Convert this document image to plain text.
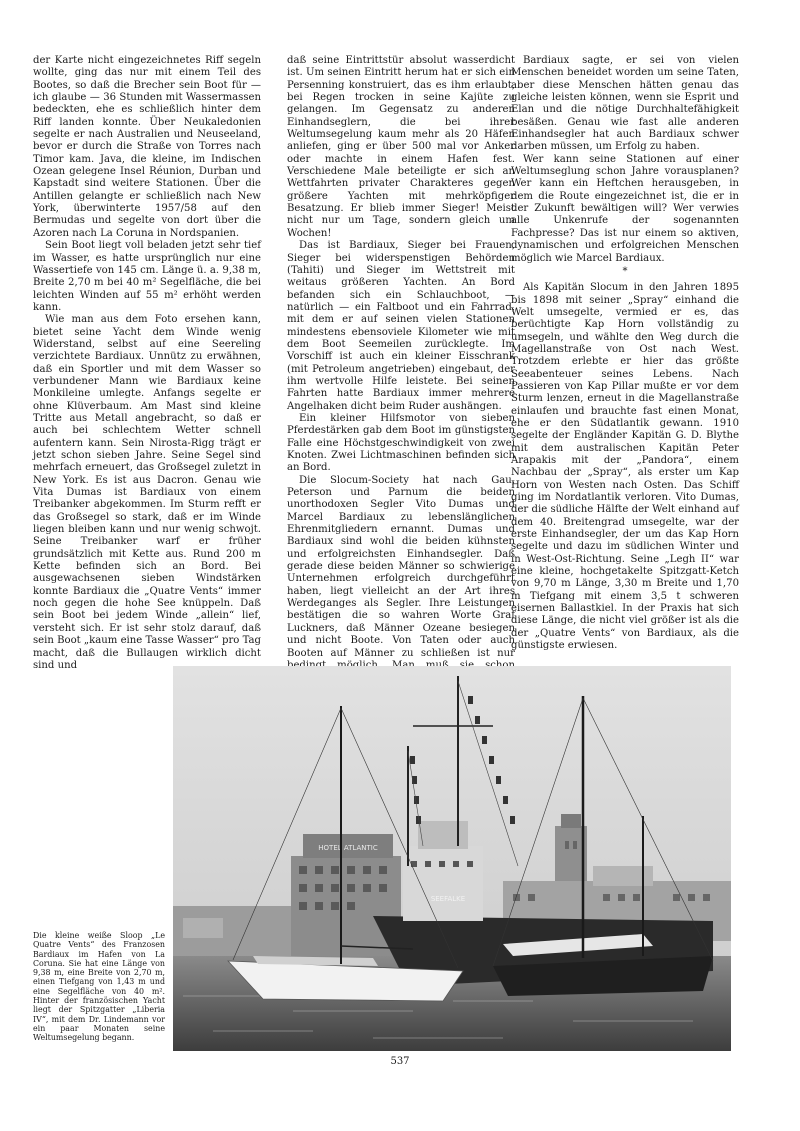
der Karte nicht eingezeichnetes Riff segeln wollte, ging das nur mit einem Teil des Bootes, so daß die Brecher sein Boot für — ich glaube — 36 Stunden mit Wassermassen bedeckten, ehe es schließlich hinter dem Riff landen konnte. Über Neukaledonien segelte er nach Australien und Neuseeland, bevor er durch die Straße von Torres nach Timor kam. Java, die kleine, im Indischen Ozean gelegene Insel Réunion, Durban und Kapstadt sind weitere Stationen. Über die Antillen gelangte er schließlich nach New York, überwinterte 1957/58 auf den Bermudas und segelte von dort über die Azoren nach La Coruna in Nordspanien.

Sein Boot liegt voll beladen jetzt sehr tief im Wasser, es hatte ursprünglich nur eine Wassertiefe von 145 cm. Länge ü. a. 9,38 m, Breite 2,70 m bei 40 m² Segelfläche, die bei leichten Winden auf 55 m² erhöht werden kann.

Wie man aus dem Foto ersehen kann, bietet seine Yacht dem Winde wenig Widerstand, selbst auf eine Seereling verzichtete Bardiaux. Unnütz zu erwähnen, daß ein Sportler und mit dem Wasser so verbundener Mann wie Bardiaux keine Monkileine umlegte. Anfangs segelte er ohne Klüverbaum. Am Mast sind kleine Tritte aus Metall angebracht, so daß er auch bei schlechtem Wetter schnell aufentern kann. Sein Nirosta-Rigg trägt er jetzt schon sieben Jahre. Seine Segel sind mehrfach erneuert, das Großsegel zuletzt in New York. Es ist aus Dacron. Genau wie Vita Dumas ist Bardiaux von einem Treibanker abgekommen. Im Sturm refft er das Großsegel so stark, daß er im Winde liegen bleiben kann und nur wenig schwojt. Seine Treibanker warf er früher grundsätzlich mit Kette aus. Rund 200 m Kette befinden sich an Bord. Bei ausgewachsenen sieben Windstärken konnte Bardiaux die „Quatre Vents“ immer noch gegen die hohe See knüppeln. Daß sein Boot bei jedem Winde „allein“ lief, versteht sich. Er ist sehr stolz darauf, daß sein Boot „kaum eine Tasse Wasser“ pro Tag macht, daß die Bullaugen wirklich dicht sind und

daß seine Eintrittstür absolut wasserdicht ist. Um seinen Eintritt herum hat er sich ein Persenning konstruiert, das es ihm erlaubt, bei Regen trocken in seine Kajüte zu gelangen. Im Gegensatz zu anderen Einhandseglern, die bei ihrer Weltumsegelung kaum mehr als 20 Häfen anliefen, ging er über 500 mal vor Anker oder machte in einem Hafen fest. Verschiedene Male beteiligte er sich an Wettfahrten privater Charakteres gegen größere Yachten mit mehrköpfiger Besatzung. Er blieb immer Sieger! Meist nicht nur um Tage, sondern gleich um Wochen!

Das ist Bardiaux, Sieger bei Frauen, Sieger bei widerspenstigen Behörden (Tahiti) und Sieger im Wettstreit mit weitaus größeren Yachten. An Bord befanden sich ein Schlauchboot, — natürlich — ein Faltboot und ein Fahrrad, mit dem er auf seinen vielen Stationen mindestens ebensoviele Kilometer wie mit dem Boot Seemeilen zurücklegte. Im Vorschiff ist auch ein kleiner Eisschrank (mit Petroleum angetrieben) eingebaut, der ihm wertvolle Hilfe leistete. Bei seinen Fahrten hatte Bardiaux immer mehrere Angelhaken dicht beim Ruder aushängen.

Ein kleiner Hilfsmotor von sieben Pferdestärken gab dem Boot im günstigsten Falle eine Höchstgeschwindigkeit von zwei Knoten. Zwei Lichtmaschinen befinden sich an Bord.

Die Slocum-Society hat nach Gau, Peterson und Parnum die beiden unorthodoxen Segler Vito Dumas und Marcel Bardiaux zu lebenslänglichen Ehrenmitgliedern ernannt. Dumas und Bardiaux sind wohl die beiden kühnsten und erfolgreichsten Einhandsegler. Daß gerade diese beiden Männer so schwierige Unternehmen erfolgreich durchgeführt haben, liegt vielleicht an der Art ihres Werdeganges als Segler. Ihre Leistungen bestätigen die so wahren Worte Graf Luckners, daß Männer Ozeane besiegen und nicht Boote. Von Taten oder auch Booten auf Männer zu schließen ist nur

Bardiaux sagte, er sei von vielen Menschen beneidet worden um seine Taten, aber diese Menschen hätten genau das gleiche leisten können, wenn sie Esprit und Elan und die nötige Durchhaltefähigkeit besäßen. Genau wie fast alle anderen Einhandsegler hat auch Bardiaux schwer darben müssen, um Erfolg zu haben.

Wer kann seine Stationen auf einer Weltumseglung schon Jahre vorausplanen? Wer kann ein Heftchen herausgeben, in dem die Route eingezeichnet ist, die er in der Zukunft bewältigen will? Wer verwies alle Unkenrufe der sogenannten Fachpresse? Das ist nur einem so aktiven, dynamischen und erfolgreichen Menschen möglich wie Marcel Bardiaux.

*

Als Kapitän Slocum in den Jahren 1895 bis 1898 mit seiner „Spray“ einhand die Welt umsegelte, vermied er es, das berüchtigte Kap Horn vollständig zu umsegeln, und wählte den Weg durch die Magellanstraße von Ost nach West. Trotzdem erlebte er hier das größte Seeabenteuer seines Lebens. Nach Passieren von Kap Pillar mußte er vor dem Sturm lenzen, erneut in die Magellanstraße einlaufen und brauchte fast einen Monat, ehe er den Südatlantik gewann. 1910 segelte der Engländer Kapitän G. D. Blythe mit dem australischen Kapitän Peter Arapakis mit der „Pandora“, einem Nachbau der „Spray“, als erster um Kap Horn von Westen nach Osten. Das Schiff ging im Nordatlantik verloren. Vito Dumas, der die südliche Hälfte der Welt einhand auf dem 40. Breitengrad umsegelte, war der erste Einhandsegler, der um das Kap Horn segelte und dazu im südlichen Winter und in West-Ost-Richtung. Seine „Legh II“ war eine kleine, hochgetakelte Spitzgatt-Ketch von 9,70 m Länge, 3,30 m Breite und 1,70 m Tiefgang mit einem 3,5 t schweren eisernen Ballastkiel. In der Praxis hat sich diese Länge, die nicht viel größer ist als die der „Quatre Vents“ von Bardiaux, als die günstigste erwiesen.

Die kleine weiße Sloop „Le Quatre Vents“ des Franzosen Bardiaux im Hafen von La Coruna. Sie hat eine Länge von 9,38 m, eine Breite von 2,70 m, einen Tiefgang von 1,43 m und eine Segelfläche von 40 m². Hinter der französischen Yacht liegt der Spitzgatter „Liberia IV“, mit dem Dr. Lindemann vor ein paar Monaten seine Weltumsegelung begann.
HOTEL ATLANTIC
SEEFALKE
537
